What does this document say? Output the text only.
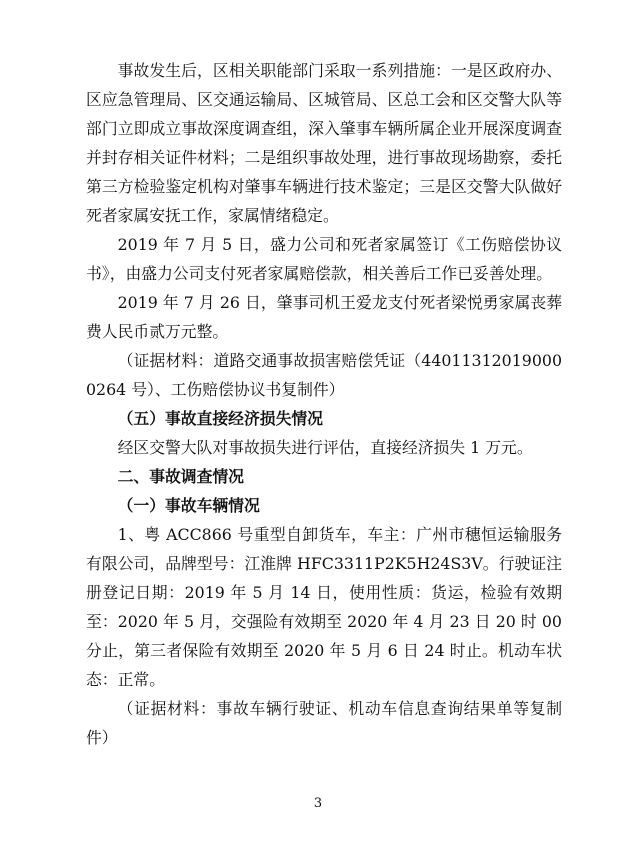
事故发生后，区相关职能部门采取一系列措施：一是区政府办、区应急管理局、区交通运输局、区城管局、区总工会和区交警大队等部门立即成立事故深度调查组，深入肇事车辆所属企业开展深度调查并封存相关证件材料；二是组织事故处理，进行事故现场勘察，委托第三方检验鉴定机构对肇事车辆进行技术鉴定；三是区交警大队做好死者家属安抚工作，家属情绪稳定。

2019 年 7 月 5 日，盛力公司和死者家属签订《工伤赔偿协议书》，由盛力公司支付死者家属赔偿款，相关善后工作已妥善处理。

2019 年 7 月 26 日，肇事司机王爱龙支付死者梁悦勇家属丧葬费人民币贰万元整。

（证据材料：道路交通事故损害赔偿凭证（440113120190000264 号）、工伤赔偿协议书复制件）

（五）事故直接经济损失情况

经区交警大队对事故损失进行评估，直接经济损失 1 万元。

二、事故调查情况

（一）事故车辆情况

1、粤 ACC866 号重型自卸货车，车主：广州市穗恒运输服务有限公司，品牌型号：江淮牌 HFC3311P2K5H24S3V。行驶证注册登记日期：2019 年 5 月 14 日，使用性质：货运，检验有效期至：2020 年 5 月，交强险有效期至 2020 年 4 月 23 日 20 时 00 分止，第三者保险有效期至 2020 年 5 月 6 日 24 时止。机动车状态：正常。

（证据材料：事故车辆行驶证、机动车信息查询结果单等复制件）

3
